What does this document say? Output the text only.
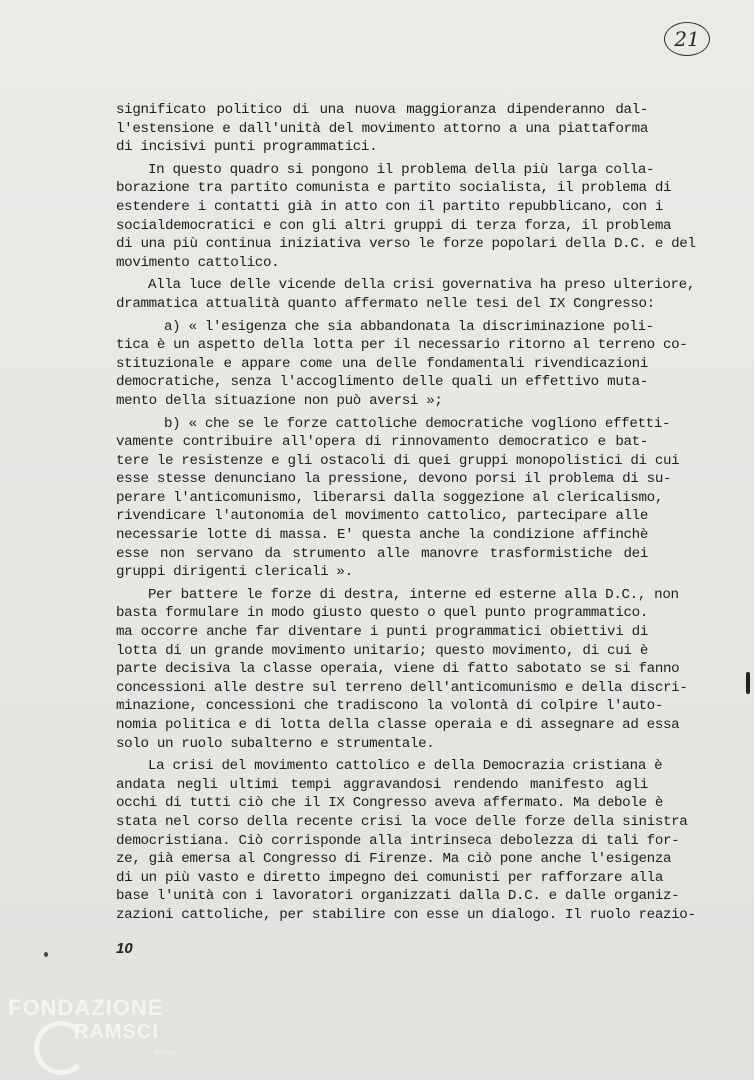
21
significato politico di una nuova maggioranza dipenderanno dal-
l'estensione e dall'unità del movimento attorno a una piattaforma
di incisivi punti programmatici.
In questo quadro si pongono il problema della più larga colla-
borazione tra partito comunista e partito socialista, il problema di
estendere i contatti già in atto con il partito repubblicano, con i
socialdemocratici e con gli altri gruppi di terza forza, il problema
di una più continua iniziativa verso le forze popolari della D.C. e del
movimento cattolico.
Alla luce delle vicende della crisi governativa ha preso ulteriore,
drammatica attualità quanto affermato nelle tesi del IX Congresso:
a) « l'esigenza che sia abbandonata la discriminazione poli-
tica è un aspetto della lotta per il necessario ritorno al terreno co-
stituzionale e appare come una delle fondamentali rivendicazioni
democratiche, senza l'accoglimento delle quali un effettivo muta-
mento della situazione non può aversi »;
b) « che se le forze cattoliche democratiche vogliono effetti-
vamente contribuire all'opera di rinnovamento democratico e bat-
tere le resistenze e gli ostacoli di quei gruppi monopolistici di cui
esse stesse denunciano la pressione, devono porsi il problema di su-
perare l'anticomunismo, liberarsi dalla soggezione al clericalismo,
rivendicare l'autonomia del movimento cattolico, partecipare alle
necessarie lotte di massa. E' questa anche la condizione affinchè
esse non servano da strumento alle manovre trasformistiche dei
gruppi dirigenti clericali ».
Per battere le forze di destra, interne ed esterne alla D.C., non
basta formulare in modo giusto questo o quel punto programmatico.
ma occorre anche far diventare i punti programmatici obiettivi di
lotta di un grande movimento unitario; questo movimento, di cui è
parte decisiva la classe operaia, viene di fatto sabotato se si fanno
concessioni alle destre sul terreno dell'anticomunismo e della discri-
minazione, concessioni che tradiscono la volontà di colpire l'auto-
nomia politica e di lotta della classe operaia e di assegnare ad essa
solo un ruolo subalterno e strumentale.
La crisi del movimento cattolico e della Democrazia cristiana è
andata negli ultimi tempi aggravandosi rendendo manifesto agli
occhi di tutti ciò che il IX Congresso aveva affermato. Ma debole è
stata nel corso della recente crisi la voce delle forze della sinistra
democristiana. Ciò corrisponde alla intrinseca debolezza di tali for-
ze, già emersa al Congresso di Firenze. Ma ciò pone anche l'esigenza
di un più vasto e diretto impegno dei comunisti per rafforzare alla
base l'unità con i lavoratori organizzati dalla D.C. e dalle organiz-
zazioni cattoliche, per stabilire con esse un dialogo. Il ruolo reazio-
10
FONDAZIONE
RAMSCI
onlus
